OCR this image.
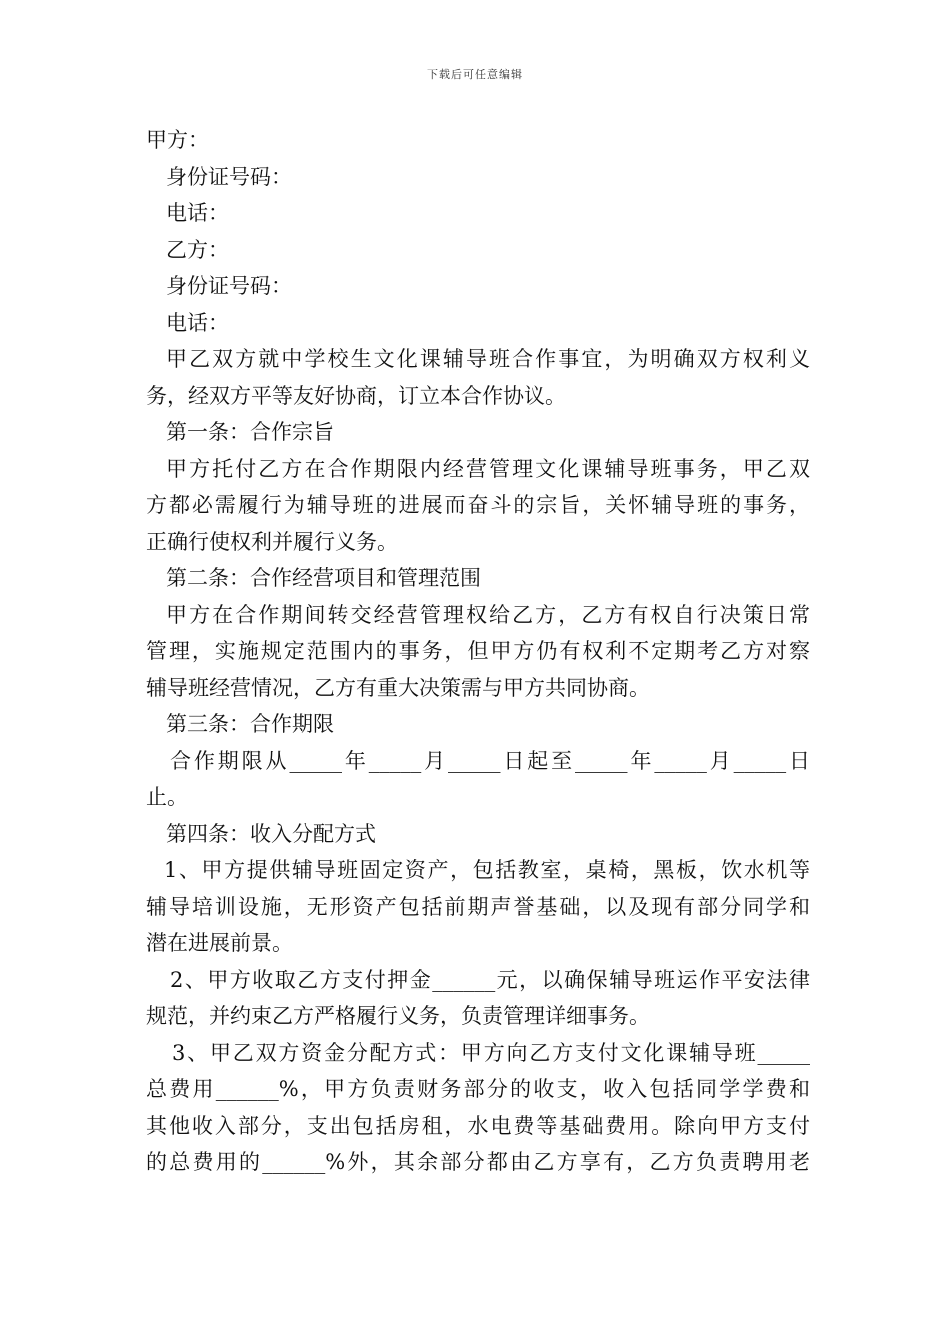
下载后可任意编辑
甲方：
身份证号码：
电话：
乙方：
身份证号码：
电话：
甲乙双方就中学校生文化课辅导班合作事宜，为明确双方权利义
务，经双方平等友好协商，订立本合作协议。
第一条：合作宗旨
甲方托付乙方在合作期限内经营管理文化课辅导班事务，甲乙双
方都必需履行为辅导班的进展而奋斗的宗旨，关怀辅导班的事务，
正确行使权利并履行义务。
第二条：合作经营项目和管理范围
甲方在合作期间转交经营管理权给乙方，乙方有权自行决策日常
管理，实施规定范围内的事务，但甲方仍有权利不定期考乙方对察
辅导班经营情况，乙方有重大决策需与甲方共同协商。
第三条：合作期限
合作期限从_____年_____月_____日起至_____年_____月_____日
止。
第四条：收入分配方式
1、甲方提供辅导班固定资产，包括教室，桌椅，黑板，饮水机等
辅导培训设施，无形资产包括前期声誉基础，以及现有部分同学和
潜在进展前景。
2、甲方收取乙方支付押金______元，以确保辅导班运作平安法律
规范，并约束乙方严格履行义务，负责管理详细事务。
3、甲乙双方资金分配方式：甲方向乙方支付文化课辅导班_____
总费用______%，甲方负责财务部分的收支，收入包括同学学费和
其他收入部分，支出包括房租，水电费等基础费用。除向甲方支付
的总费用的______%外，其余部分都由乙方享有，乙方负责聘用老
